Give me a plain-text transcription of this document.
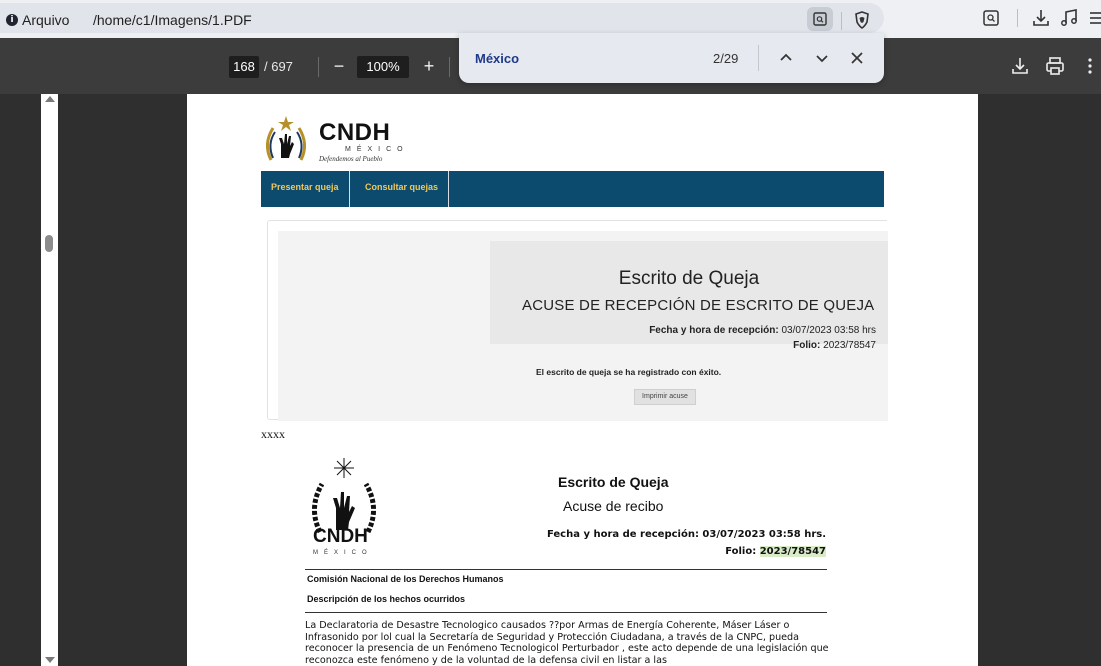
i Arquivo /home/c1/Imagens/1.PDF
168 / 697	−	100%	+	México	2/29
CNDH
MÉXICO
Defendemos al Pueblo
Presentar queja	Consultar quejas
Escrito de Queja
ACUSE DE RECEPCIÓN DE ESCRITO DE QUEJA
Fecha y hora de recepción: 03/07/2023 03:58 hrs
Folio: 2023/78547
El escrito de queja se ha registrado con éxito.
Imprimir acuse
xxxx
CNDH
MÉXICO
Escrito de Queja
Acuse de recibo
Fecha y hora de recepción: 03/07/2023 03:58 hrs.
Folio: 2023/78547
Comisión Nacional de los Derechos Humanos
Descripción de los hechos ocurridos
La Declaratoria de Desastre Tecnologico causados ??por Armas de Energía Coherente, Máser Láser o Infrasonido por lol cual la Secretaría de Seguridad y Protección Ciudadana, a través de la CNPC, pueda reconocer la presencia de un Fenómeno Tecnologicol Perturbador , este acto depende de una legislación que reconozca este fenómeno y de la voluntad de la defensa civil en listar a las
